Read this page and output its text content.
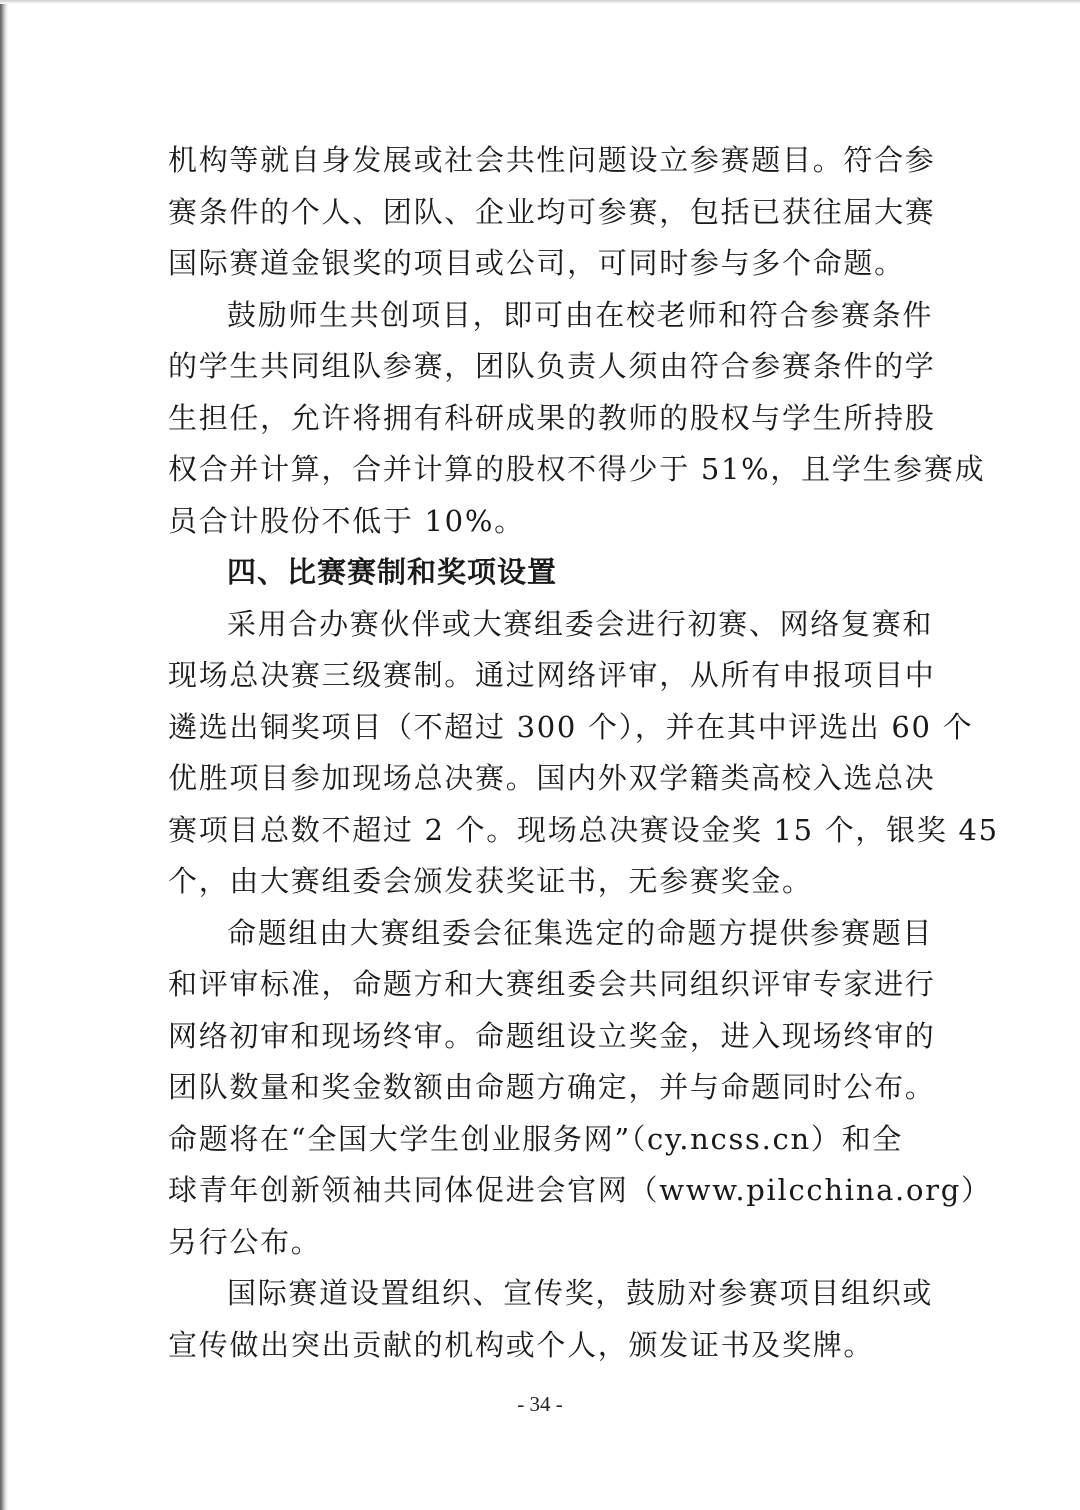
机构等就自身发展或社会共性问题设立参赛题目。符合参
赛条件的个人、团队、企业均可参赛，包括已获往届大赛
国际赛道金银奖的项目或公司，可同时参与多个命题。
鼓励师生共创项目，即可由在校老师和符合参赛条件
的学生共同组队参赛，团队负责人须由符合参赛条件的学
生担任，允许将拥有科研成果的教师的股权与学生所持股
权合并计算，合并计算的股权不得少于 51%，且学生参赛成
员合计股份不低于 10%。
四、比赛赛制和奖项设置
采用合办赛伙伴或大赛组委会进行初赛、网络复赛和
现场总决赛三级赛制。通过网络评审，从所有申报项目中
遴选出铜奖项目（不超过 300 个），并在其中评选出 60 个
优胜项目参加现场总决赛。国内外双学籍类高校入选总决
赛项目总数不超过 2 个。现场总决赛设金奖 15 个，银奖 45
个，由大赛组委会颁发获奖证书，无参赛奖金。
命题组由大赛组委会征集选定的命题方提供参赛题目
和评审标准，命题方和大赛组委会共同组织评审专家进行
网络初审和现场终审。命题组设立奖金，进入现场终审的
团队数量和奖金数额由命题方确定，并与命题同时公布。
命题将在“全国大学生创业服务网”（cy.ncss.cn）和全
球青年创新领袖共同体促进会官网（www.pilcchina.org）
另行公布。
国际赛道设置组织、宣传奖，鼓励对参赛项目组织或
宣传做出突出贡献的机构或个人，颁发证书及奖牌。
- 34 -
